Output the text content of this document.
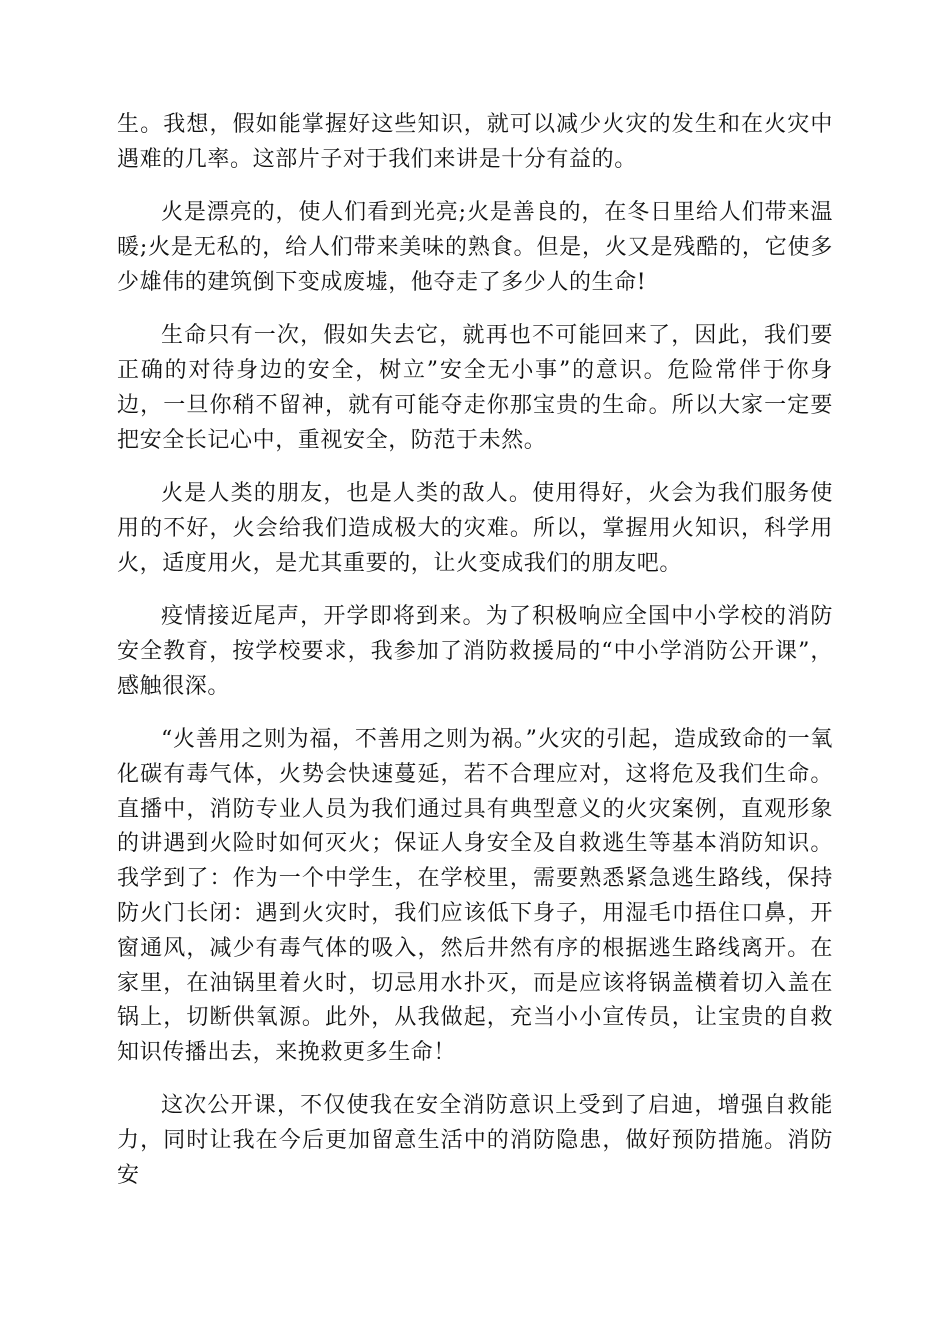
生。我想，假如能掌握好这些知识，就可以减少火灾的发生和在火灾中遇难的几率。这部片子对于我们来讲是十分有益的。

火是漂亮的，使人们看到光亮;火是善良的，在冬日里给人们带来温暖;火是无私的，给人们带来美味的熟食。但是，火又是残酷的，它使多少雄伟的建筑倒下变成废墟，他夺走了多少人的生命!

生命只有一次，假如失去它，就再也不可能回来了，因此，我们要正确的对待身边的安全，树立”安全无小事”的意识。危险常伴于你身边，一旦你稍不留神，就有可能夺走你那宝贵的生命。所以大家一定要把安全长记心中，重视安全，防范于未然。

火是人类的朋友，也是人类的敌人。使用得好，火会为我们服务使用的不好，火会给我们造成极大的灾难。所以，掌握用火知识，科学用火，适度用火，是尤其重要的，让火变成我们的朋友吧。

疫情接近尾声，开学即将到来。为了积极响应全国中小学校的消防安全教育，按学校要求，我参加了消防救援局的“中小学消防公开课”，感触很深。

“火善用之则为福，不善用之则为祸。”火灾的引起，造成致命的一氧化碳有毒气体，火势会快速蔓延，若不合理应对，这将危及我们生命。直播中，消防专业人员为我们通过具有典型意义的火灾案例，直观形象的讲遇到火险时如何灭火；保证人身安全及自救逃生等基本消防知识。我学到了：作为一个中学生，在学校里，需要熟悉紧急逃生路线，保持防火门长闭：遇到火灾时，我们应该低下身子，用湿毛巾捂住口鼻，开窗通风，减少有毒气体的吸入，然后井然有序的根据逃生路线离开。在家里，在油锅里着火时，切忌用水扑灭，而是应该将锅盖横着切入盖在锅上，切断供氧源。此外，从我做起，充当小小宣传员，让宝贵的自救知识传播出去，来挽救更多生命！

这次公开课，不仅使我在安全消防意识上受到了启迪，增强自救能力，同时让我在今后更加留意生活中的消防隐患，做好预防措施。消防安
